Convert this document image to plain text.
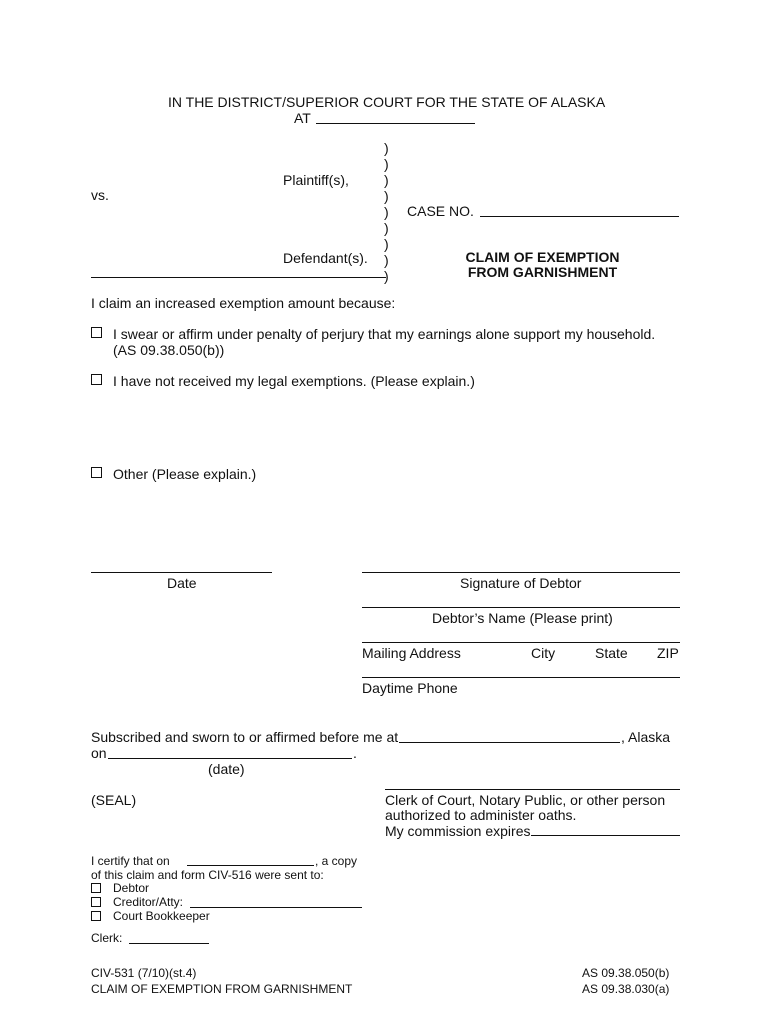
IN THE DISTRICT/SUPERIOR COURT FOR THE STATE OF ALASKA
AT
Plaintiff(s),
vs.
Defendant(s).
)
)
)
)
)
)
)
)
)
CASE NO.
CLAIM OF EXEMPTION
FROM GARNISHMENT
I claim an increased exemption amount because:
I swear or affirm under penalty of perjury that my earnings alone support my household.
(AS 09.38.050(b))
I have not received my legal exemptions. (Please explain.)
Other (Please explain.)
Date	Signature of Debtor
Debtor’s Name (Please print)
Mailing Address	City	State ZIP
Daytime Phone
Subscribed and sworn to or affirmed before me at	, Alaska
on	.
(date)
(SEAL)	Clerk of Court, Notary Public, or other person
authorized to administer oaths.
My commission expires
I certify that on	, a copy
of this claim and form CIV-516 were sent to:
Debtor
Creditor/Atty:
Court Bookkeeper
Clerk:
CIV-531 (7/10)(st.4)
CLAIM OF EXEMPTION FROM GARNISHMENT
AS 09.38.050(b)
AS 09.38.030(a)
